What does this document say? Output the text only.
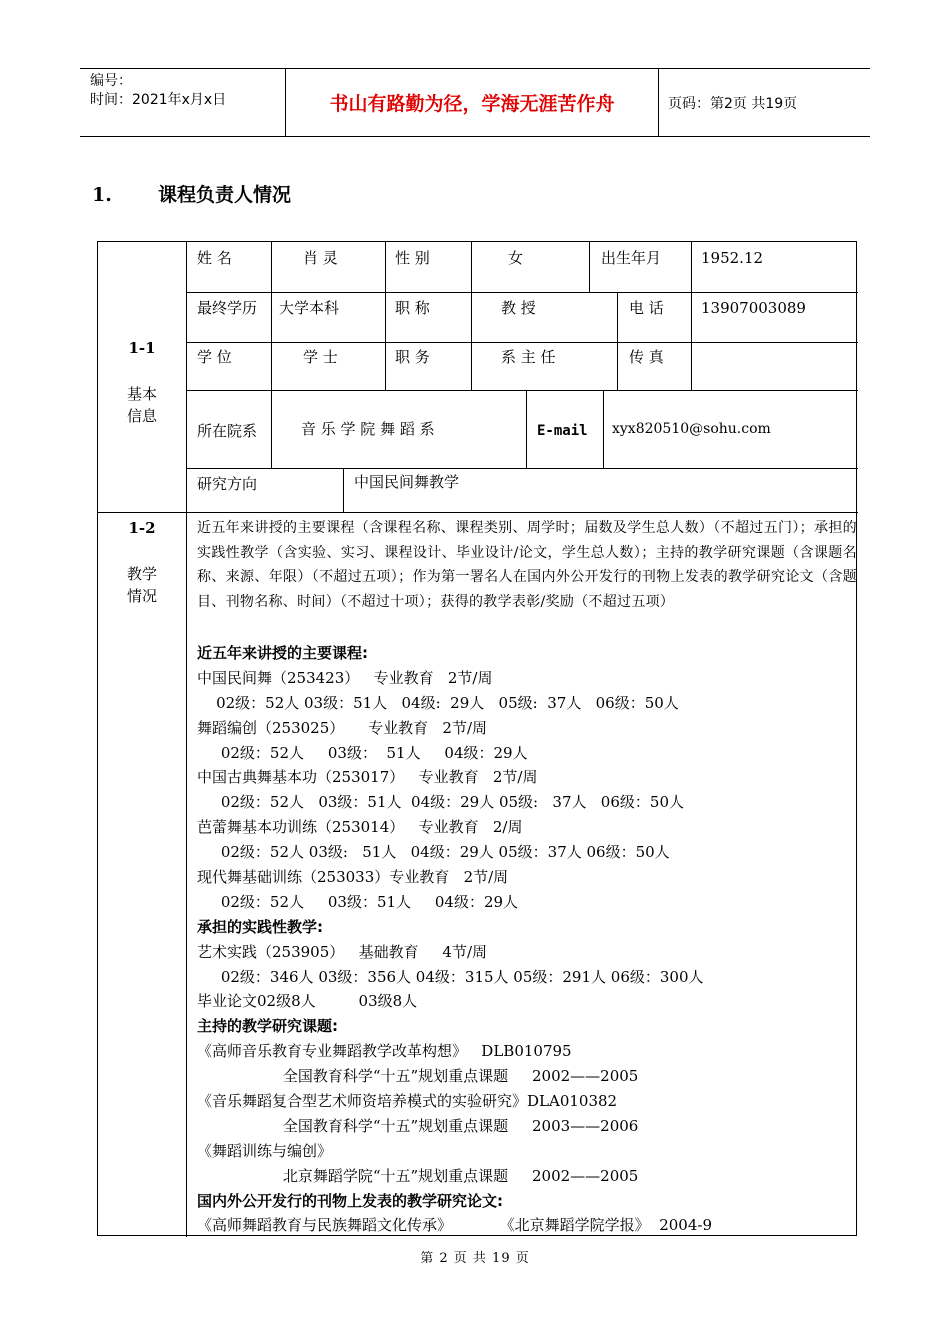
编号：
时间：2021年x月x日	书山有路勤为径，学海无涯苦作舟	页码：第2页 共19页
1. 课程负责人情况
1-1
基本
信息
姓 名	肖 灵	性 别	女	出生年月	1952.12
最终学历 大学本科	职 称	教 授	电 话 13907003089
学 位	学 士	职 务	系 主 任	传 真
所在院系	音 乐 学 院 舞 蹈 系	E-mail xyx820510@sohu.com
研究方向	中国民间舞教学
1-2
教学
情况
近五年来讲授的主要课程（含课程名称、课程类别、周学时；届数及学生总人数）（不超过五门）；承担的实践性教学（含实验、实习、课程设计、毕业设计/论文，学生总人数）；主持的教学研究课题（含课题名称、来源、年限）（不超过五项）；作为第一署名人在国内外公开发行的刊物上发表的教学研究论文（含题目、刊物名称、时间）（不超过十项）；获得的教学表彰/奖励（不超过五项）
近五年来讲授的主要课程:
中国民间舞（253423）   专业教育   2节/周
02级：52人 03级：51人   04级:  29人   05级:  37人   06级：50人
舞蹈编创（253025）     专业教育   2节/周
02级：52人     03级：  51人     04级：29人
中国古典舞基本功（253017）   专业教育   2节/周
02级：52人   03级：51人  04级：29人 05级:   37人   06级：50人
芭蕾舞基本功训练（253014）   专业教育   2/周
02级：52人 03级:   51人   04级：29人 05级：37人 06级：50人
现代舞基础训练（253033）专业教育   2节/周
02级：52人     03级：51人     04级：29人
承担的实践性教学:
艺术实践（253905）   基础教育     4节/周
02级：346人 03级：356人 04级：315人 05级：291人 06级：300人
毕业论文02级8人         03级8人
主持的教学研究课题:
《高师音乐教育专业舞蹈教学改革构想》   DLB010795
全国教育科学“十五”规划重点课题     2002——2005
《音乐舞蹈复合型艺术师资培养模式的实验研究》DLA010382
全国教育科学“十五”规划重点课题     2003——2006
《舞蹈训练与编创》
北京舞蹈学院“十五”规划重点课题     2002——2005
国内外公开发行的刊物上发表的教学研究论文:
《高师舞蹈教育与民族舞蹈文化传承》          《北京舞蹈学院学报》  2004-9
第 2 页 共 19 页
